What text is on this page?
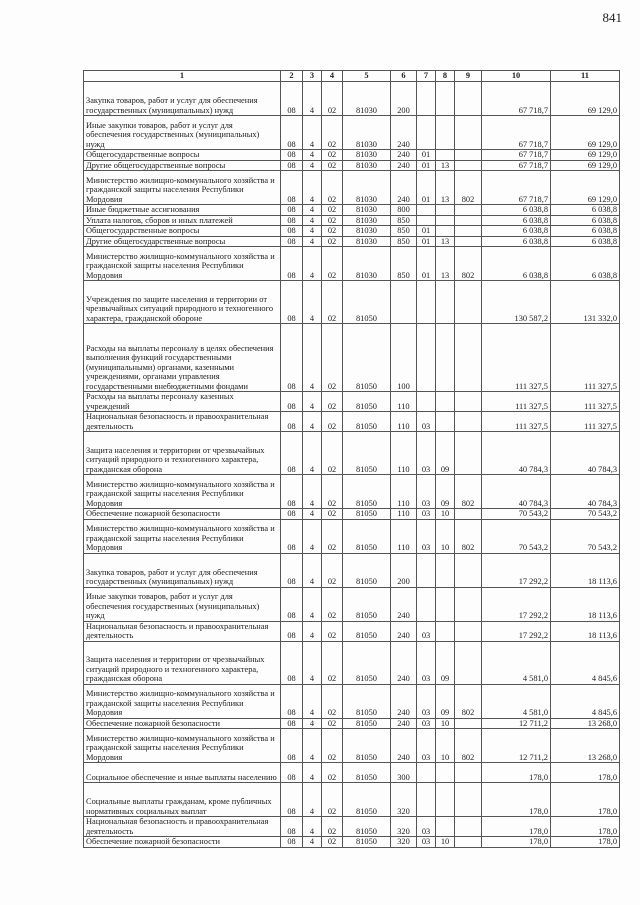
841
1	2	3	4	5	6	7	8	9	10	11
Закупка товаров, работ и услуг для обеспечения государственных (муниципальных) нужд	08	4	02	81030	200				67 718,7	69 129,0
Иные закупки товаров, работ и услуг для обеспечения государственных (муниципальных) нужд	08	4	02	81030	240				67 718,7	69 129,0
Общегосударственные вопросы	08	4	02	81030	240	01			67 718,7	69 129,0
Другие общегосударственные вопросы	08	4	02	81030	240	01	13		67 718,7	69 129,0
Министерство жилищно-коммунального хозяйства и гражданской защиты населения Республики Мордовия	08	4	02	81030	240	01	13	802	67 718,7	69 129,0
Иные бюджетные ассигнования	08	4	02	81030	800				6 038,8	6 038,8
Уплата налогов, сборов и иных платежей	08	4	02	81030	850				6 038,8	6 038,8
Общегосударственные вопросы	08	4	02	81030	850	01			6 038,8	6 038,8
Другие общегосударственные вопросы	08	4	02	81030	850	01	13		6 038,8	6 038,8
Министерство жилищно-коммунального хозяйства и гражданской защиты населения Республики Мордовия	08	4	02	81030	850	01	13	802	6 038,8	6 038,8
Учреждения по защите населения и территории от чрезвычайных ситуаций природного и техногенного характера, гражданской обороне	08	4	02	81050					130 587,2	131 332,0
Расходы на выплаты персоналу в целях обеспечения выполнения функций государственными (муниципальными) органами, казенными учреждениями, органами управления государственными внебюджетными фондами	08	4	02	81050	100				111 327,5	111 327,5
Расходы на выплаты персоналу казенных учреждений	08	4	02	81050	110				111 327,5	111 327,5
Национальная безопасность и правоохранительная деятельность	08	4	02	81050	110	03			111 327,5	111 327,5
Защита населения и территории от чрезвычайных ситуаций природного и техногенного характера, гражданская оборона	08	4	02	81050	110	03	09		40 784,3	40 784,3
Министерство жилищно-коммунального хозяйства и гражданской защиты населения Республики Мордовия	08	4	02	81050	110	03	09	802	40 784,3	40 784,3
Обеспечение пожарной безопасности	08	4	02	81050	110	03	10		70 543,2	70 543,2
Министерство жилищно-коммунального хозяйства и гражданской защиты населения Республики Мордовия	08	4	02	81050	110	03	10	802	70 543,2	70 543,2
Закупка товаров, работ и услуг для обеспечения государственных (муниципальных) нужд	08	4	02	81050	200				17 292,2	18 113,6
Иные закупки товаров, работ и услуг для обеспечения государственных (муниципальных) нужд	08	4	02	81050	240				17 292,2	18 113,6
Национальная безопасность и правоохранительная деятельность	08	4	02	81050	240	03			17 292,2	18 113,6
Защита населения и территории от чрезвычайных ситуаций природного и техногенного характера, гражданская оборона	08	4	02	81050	240	03	09		4 581,0	4 845,6
Министерство жилищно-коммунального хозяйства и гражданской защиты населения Республики Мордовия	08	4	02	81050	240	03	09	802	4 581,0	4 845,6
Обеспечение пожарной безопасности	08	4	02	81050	240	03	10		12 711,2	13 268,0
Министерство жилищно-коммунального хозяйства и гражданской защиты населения Республики Мордовия	08	4	02	81050	240	03	10	802	12 711,2	13 268,0
Социальное обеспечение и иные выплаты населению	08	4	02	81050	300				178,0	178,0
Социальные выплаты гражданам, кроме публичных нормативных социальных выплат	08	4	02	81050	320				178,0	178,0
Национальная безопасность и правоохранительная деятельность	08	4	02	81050	320	03			178,0	178,0
Обеспечение пожарной безопасности	08	4	02	81050	320	03	10		178,0	178,0
